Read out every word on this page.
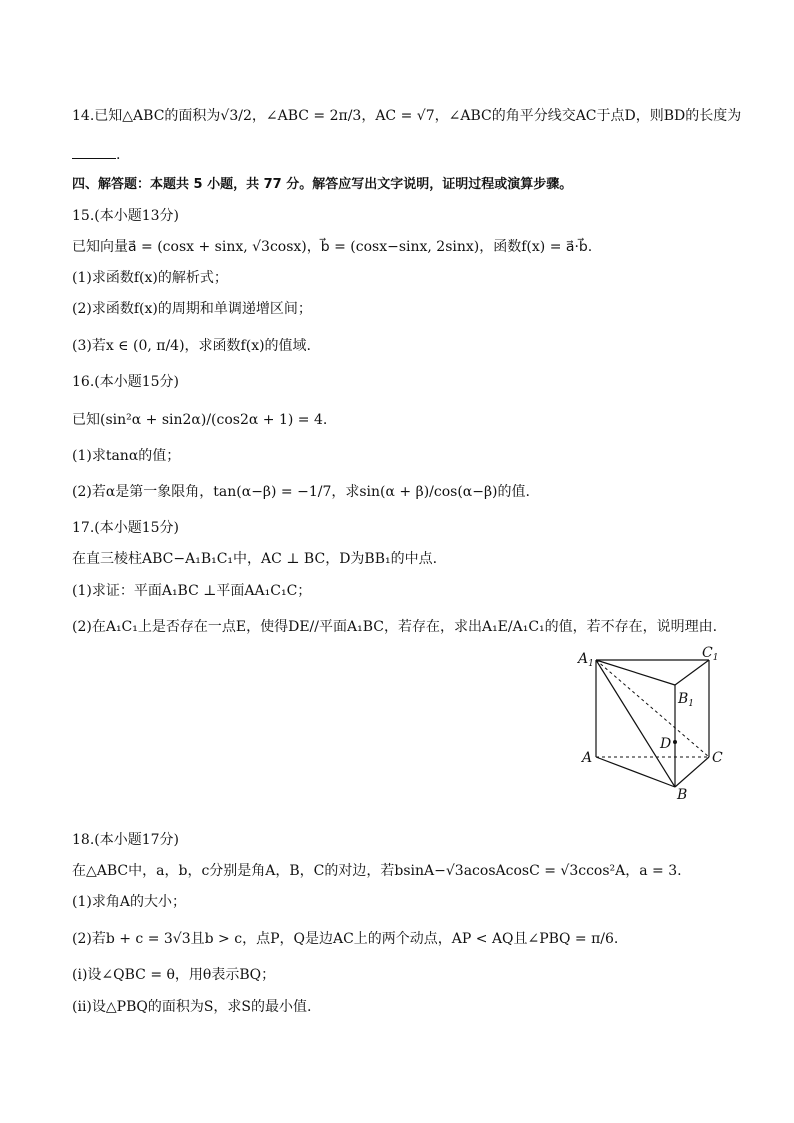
14.已知△ABC的面积为√3/2，∠ABC = 2π/3，AC = √7，∠ABC的角平分线交AC于点D，则BD的长度为
.
四、解答题：本题共 5 小题，共 77 分。解答应写出文字说明，证明过程或演算步骤。
15.(本小题13分)
已知向量a⃗ = (cosx + sinx, √3cosx)，b⃗ = (cosx−sinx, 2sinx)，函数f(x) = a⃗·b⃗.
(1)求函数f(x)的解析式；
(2)求函数f(x)的周期和单调递增区间；
(3)若x ∈ (0, π/4)，求函数f(x)的值域.
16.(本小题15分)
已知(sin²α + sin2α)/(cos2α + 1) = 4.
(1)求tanα的值；
(2)若α是第一象限角，tan(α−β) = −1/7，求sin(α + β)/cos(α−β)的值.
17.(本小题15分)
在直三棱柱ABC−A₁B₁C₁中，AC ⊥ BC，D为BB₁的中点.
(1)求证：平面A₁BC ⊥平面AA₁C₁C；
(2)在A₁C₁上是否存在一点E，使得DE//平面A₁BC，若存在，求出A₁E/A₁C₁的值，若不存在，说明理由.
$A_1$
$C_1$
$B_1$
D
A	C
B
18.(本小题17分)
在△ABC中，a，b，c分别是角A，B，C的对边，若bsinA−√3acosAcosC = √3ccos²A，a = 3.
(1)求角A的大小；
(2)若b + c = 3√3且b > c，点P，Q是边AC上的两个动点，AP < AQ且∠PBQ = π/6.
(i)设∠QBC = θ，用θ表示BQ；
(ii)设△PBQ的面积为S，求S的最小值.
